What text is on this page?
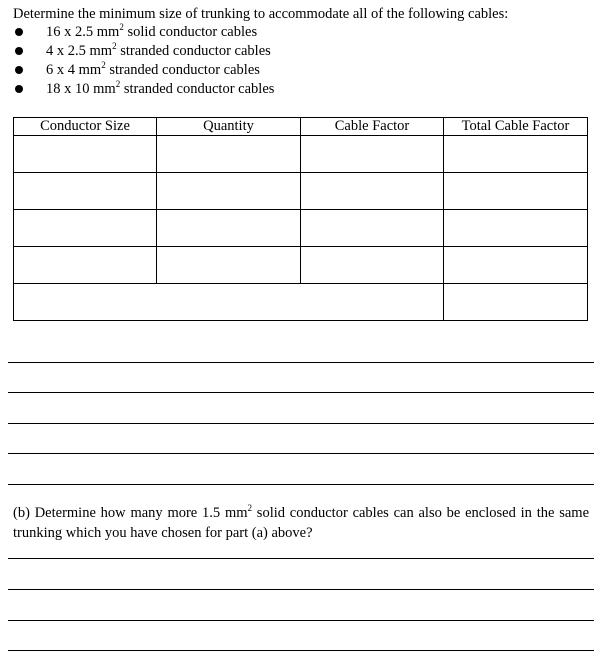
Determine the minimum size of trunking to accommodate all of the following cables:
16 x 2.5 $mm^2$ solid conductor cables
4 x 2.5 $mm^2$ stranded conductor cables
6 x 4 $mm^2$ stranded conductor cables
18 x 10 $mm^2$ stranded conductor cables
Conductor Size	Quantity	Cable Factor	Total Cable Factor

(b) Determine how many more 1.5 $mm^2$ solid conductor cables can also be enclosed in the same trunking which you have chosen for part (a) above?
